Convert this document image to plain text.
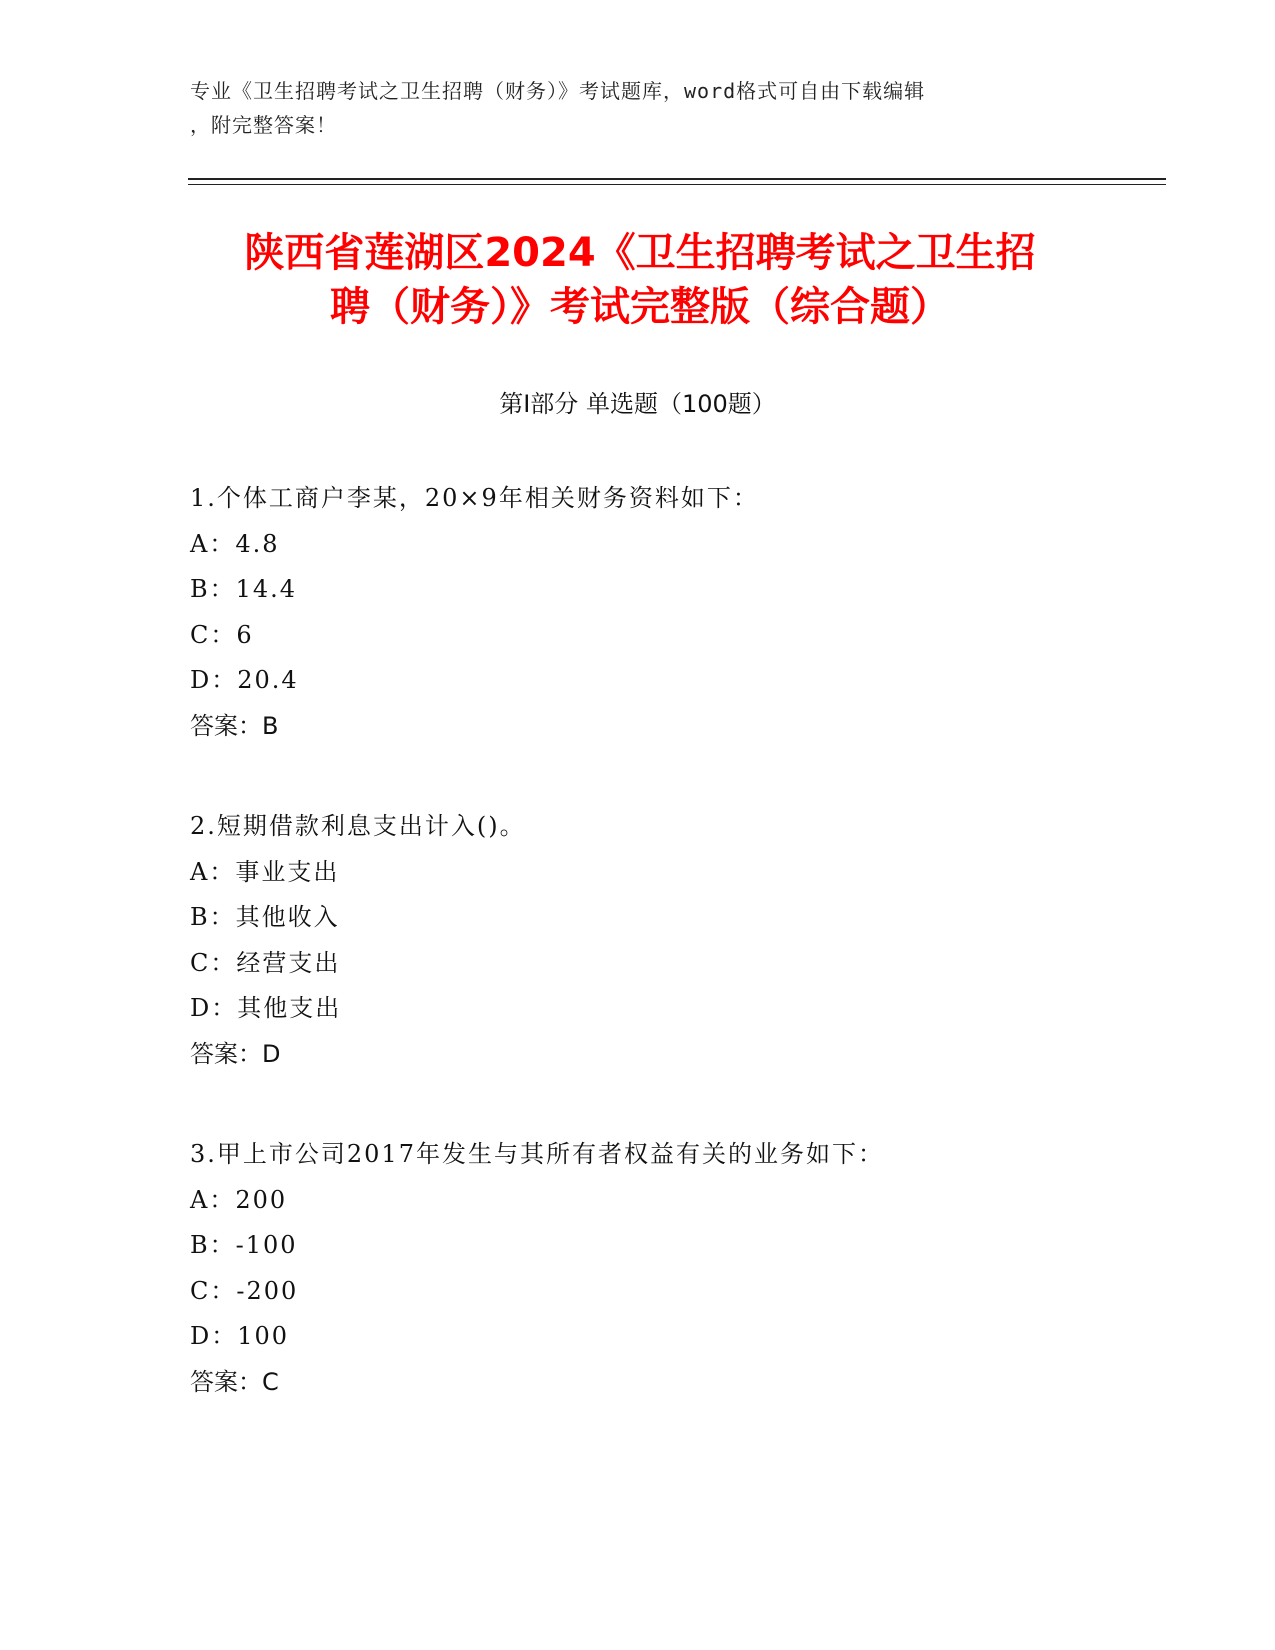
专业《卫生招聘考试之卫生招聘（财务）》考试题库，word格式可自由下载编辑
，附完整答案！
陕西省莲湖区2024《卫生招聘考试之卫生招
聘（财务）》考试完整版（综合题）
第Ⅰ部分 单选题（100题）
1.个体工商户李某，20×9年相关财务资料如下：
A：4.8
B：14.4
C：6
D：20.4
答案：B
2.短期借款利息支出计入()。
A：事业支出
B：其他收入
C：经营支出
D：其他支出
答案：D
3.甲上市公司2017年发生与其所有者权益有关的业务如下：
A：200
B：-100
C：-200
D：100
答案：C
